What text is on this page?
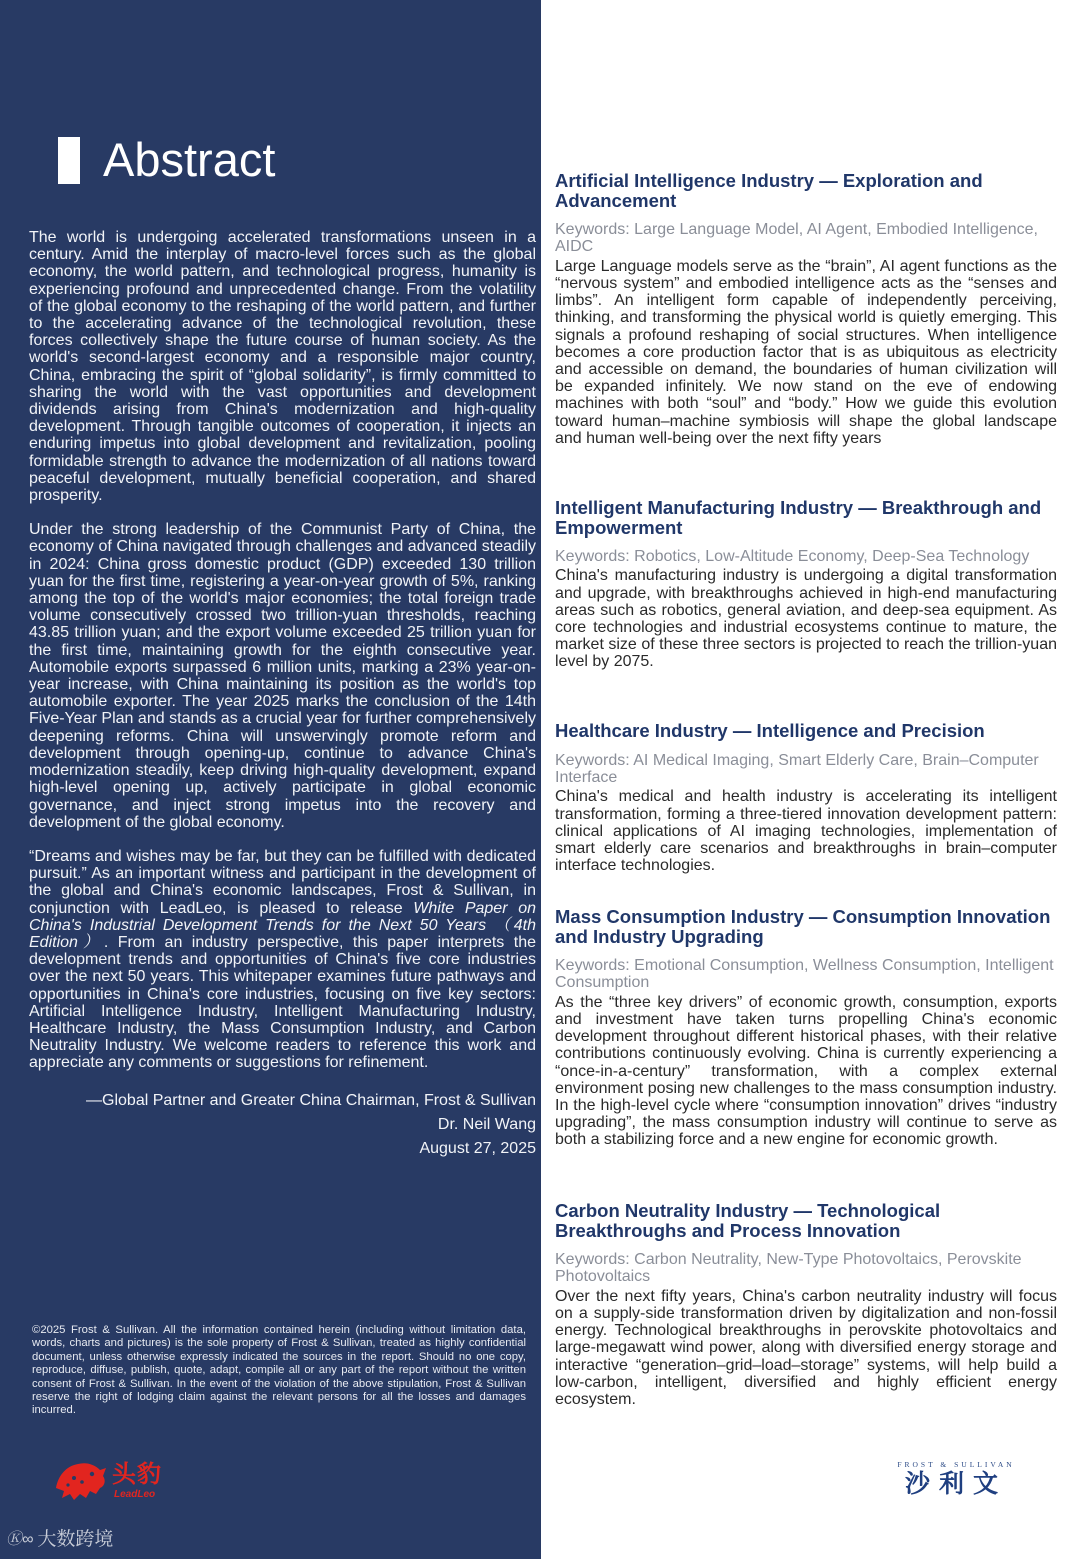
Abstract

The world is undergoing accelerated transformations unseen in a century. Amid the interplay of macro-level forces such as the global economy, the world pattern, and technological progress, humanity is experiencing profound and unprecedented change. From the volatility of the global economy to the reshaping of the world pattern, and further to the accelerating advance of the technological revolution, these forces collectively shape the future course of human society. As the world's second-largest economy and a responsible major country, China, embracing the spirit of “global solidarity”, is firmly committed to sharing the world with the vast opportunities and development dividends arising from China's modernization and high-quality development. Through tangible outcomes of cooperation, it injects an enduring impetus into global development and revitalization, pooling formidable strength to advance the modernization of all nations toward peaceful development, mutually beneficial cooperation, and shared prosperity.

Under the strong leadership of the Communist Party of China, the economy of China navigated through challenges and advanced steadily in 2024: China gross domestic product (GDP) exceeded 130 trillion yuan for the first time, registering a year-on-year growth of 5%, ranking among the top of the world's major economies; the total foreign trade volume consecutively crossed two trillion-yuan thresholds, reaching 43.85 trillion yuan; and the export volume exceeded 25 trillion yuan for the first time, maintaining growth for the eighth consecutive year. Automobile exports surpassed 6 million units, marking a 23% year-on-year increase, with China maintaining its position as the world's top automobile exporter. The year 2025 marks the conclusion of the 14th Five-Year Plan and stands as a crucial year for further comprehensively deepening reforms. China will unswervingly promote reform and development through opening-up, continue to advance China's modernization steadily, keep driving high-quality development, expand high-level opening up, actively participate in global economic governance, and inject strong impetus into the recovery and development of the global economy.

“Dreams and wishes may be far, but they can be fulfilled with dedicated pursuit.” As an important witness and participant in the development of the global and China's economic landscapes, Frost & Sullivan, in conjunction with LeadLeo, is pleased to release White Paper on China's Industrial Development Trends for the Next 50 Years （4th Edition）. From an industry perspective, this paper interprets the development trends and opportunities of China's five core industries over the next 50 years. This whitepaper examines future pathways and opportunities in China's core industries, focusing on five key sectors: Artificial Intelligence Industry, Intelligent Manufacturing Industry, Healthcare Industry, the Mass Consumption Industry, and Carbon Neutrality Industry. We welcome readers to reference this work and appreciate any comments or suggestions for refinement.

—Global Partner and Greater China Chairman, Frost & Sullivan

Dr. Neil Wang

August 27, 2025

©2025 Frost & Sullivan. All the information contained herein (including without limitation data, words, charts and pictures) is the sole property of Frost & Sullivan, treated as highly confidential document, unless otherwise expressly indicated the sources in the report. Should no one copy, reproduce, diffuse, publish, quote, adapt, compile all or any part of the report without the written consent of Frost & Sullivan. In the event of the violation of the above stipulation, Frost & Sullivan reserve the right of lodging claim against the relevant persons for all the losses and damages incurred.

头豹
LeadLeo
Ⓚ∞ 大数跨境
Artificial Intelligence Industry — Exploration and Advancement

Keywords: Large Language Model, AI Agent, Embodied Intelligence, AIDC

Large Language models serve as the “brain”, AI agent functions as the “nervous system” and embodied intelligence acts as the “senses and limbs”. An intelligent form capable of independently perceiving, thinking, and transforming the physical world is quietly emerging. This signals a profound reshaping of social structures. When intelligence becomes a core production factor that is as ubiquitous as electricity and accessible on demand, the boundaries of human civilization will be expanded infinitely. We now stand on the eve of endowing machines with both “soul” and “body.” How we guide this evolution toward human–machine symbiosis will shape the global landscape and human well-being over the next fifty years

Intelligent Manufacturing Industry — Breakthrough and Empowerment

Keywords: Robotics, Low-Altitude Economy, Deep-Sea Technology

China's manufacturing industry is undergoing a digital transformation and upgrade, with breakthroughs achieved in high-end manufacturing areas such as robotics, general aviation, and deep-sea equipment. As core technologies and industrial ecosystems continue to mature, the market size of these three sectors is projected to reach the trillion-yuan level by 2075.

Healthcare Industry — Intelligence and Precision

Keywords: AI Medical Imaging, Smart Elderly Care, Brain–Computer Interface

China's medical and health industry is accelerating its intelligent transformation, forming a three-tiered innovation development pattern: clinical applications of AI imaging technologies, implementation of smart elderly care scenarios and breakthroughs in brain–computer interface technologies.

Mass Consumption Industry — Consumption Innovation and Industry Upgrading

Keywords: Emotional Consumption, Wellness Consumption, Intelligent Consumption

As the “three key drivers” of economic growth, consumption, exports and investment have taken turns propelling China's economic development throughout different historical phases, with their relative contributions continuously evolving. China is currently experiencing a “once-in-a-century” transformation, with a complex external environment posing new challenges to the mass consumption industry. In the high-level cycle where “consumption innovation” drives “industry upgrading”, the mass consumption industry will continue to serve as both a stabilizing force and a new engine for economic growth.

Carbon Neutrality Industry — Technological Breakthroughs and Process Innovation

Keywords: Carbon Neutrality, New-Type Photovoltaics, Perovskite Photovoltaics

Over the next fifty years, China's carbon neutrality industry will focus on a supply-side transformation driven by digitalization and non-fossil energy. Technological breakthroughs in perovskite photovoltaics and large-megawatt wind power, along with diversified energy storage and interactive “generation–grid–load–storage” systems, will help build a low-carbon, intelligent, diversified and highly efficient energy ecosystem.

FROST & SULLIVAN
沙利文
